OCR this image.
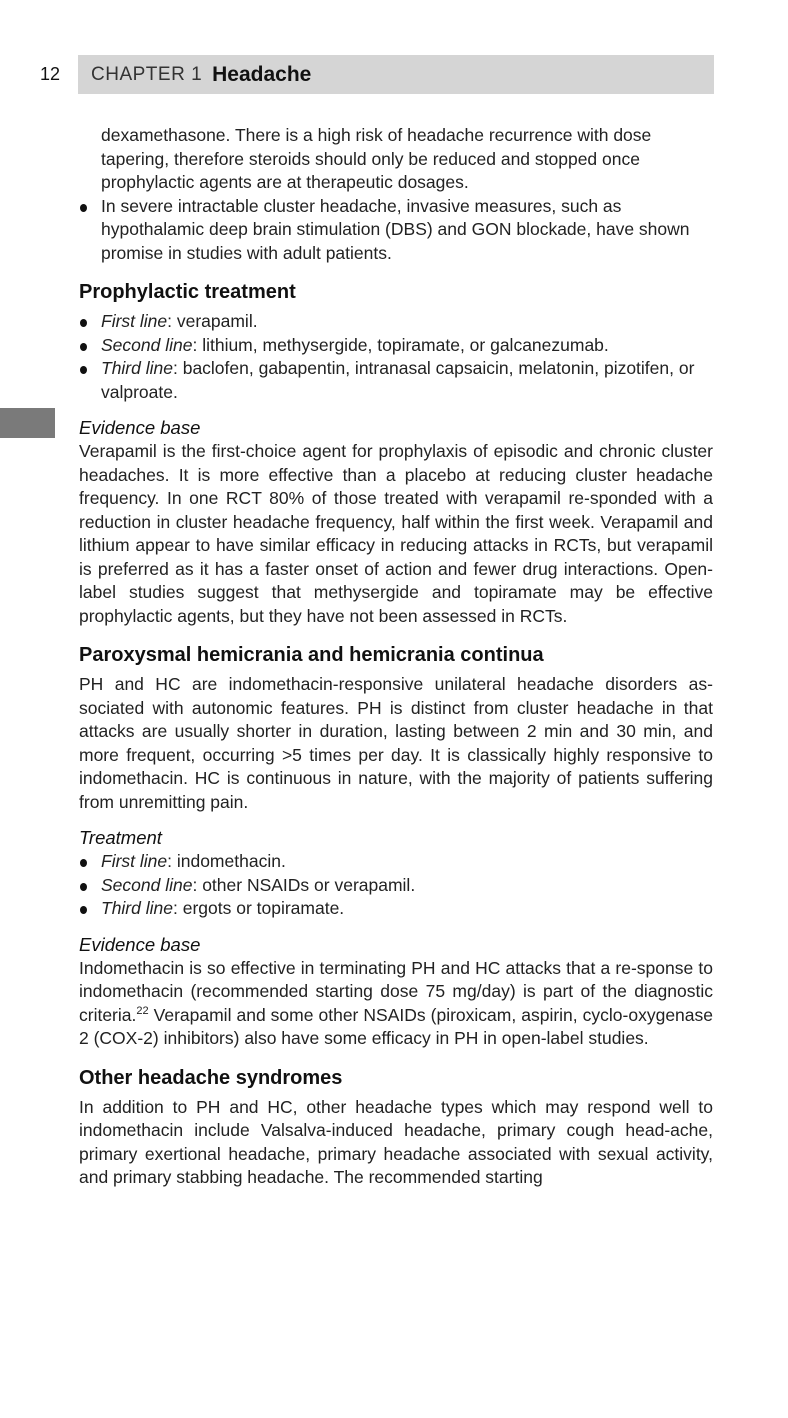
12 CHAPTER 1 Headache

dexamethasone. There is a high risk of headache recurrence with dose tapering, therefore steroids should only be reduced and stopped once prophylactic agents are at therapeutic dosages.

In severe intractable cluster headache, invasive measures, such as hypothalamic deep brain stimulation (DBS) and GON blockade, have shown promise in studies with adult patients.
Prophylactic treatment
First line: verapamil.
Second line: lithium, methysergide, topiramate, or galcanezumab.
Third line: baclofen, gabapentin, intranasal capsaicin, melatonin, pizotifen, or valproate.
Evidence base

Verapamil is the first-choice agent for prophylaxis of episodic and chronic cluster headaches. It is more effective than a placebo at reducing cluster headache frequency. In one RCT 80% of those treated with verapamil re-sponded with a reduction in cluster headache frequency, half within the first week. Verapamil and lithium appear to have similar efficacy in reducing attacks in RCTs, but verapamil is preferred as it has a faster onset of action and fewer drug interactions. Open-label studies suggest that methysergide and topiramate may be effective prophylactic agents, but they have not been assessed in RCTs.

Paroxysmal hemicrania and hemicrania continua

PH and HC are indomethacin-responsive unilateral headache disorders as-sociated with autonomic features. PH is distinct from cluster headache in that attacks are usually shorter in duration, lasting between 2 min and 30 min, and more frequent, occurring >5 times per day. It is classically highly responsive to indomethacin. HC is continuous in nature, with the majority of patients suffering from unremitting pain.

Treatment
First line: indomethacin.
Second line: other NSAIDs or verapamil.
Third line: ergots or topiramate.
Evidence base

Indomethacin is so effective in terminating PH and HC attacks that a re-sponse to indomethacin (recommended starting dose 75 mg/day) is part of the diagnostic criteria.$^{22}$ Verapamil and some other NSAIDs (piroxicam, aspirin, cyclo-oxygenase 2 (COX-2) inhibitors) also have some efficacy in PH in open-label studies.

Other headache syndromes

In addition to PH and HC, other headache types which may respond well to indomethacin include Valsalva-induced headache, primary cough head-ache, primary exertional headache, primary headache associated with sexual activity, and primary stabbing headache. The recommended starting
